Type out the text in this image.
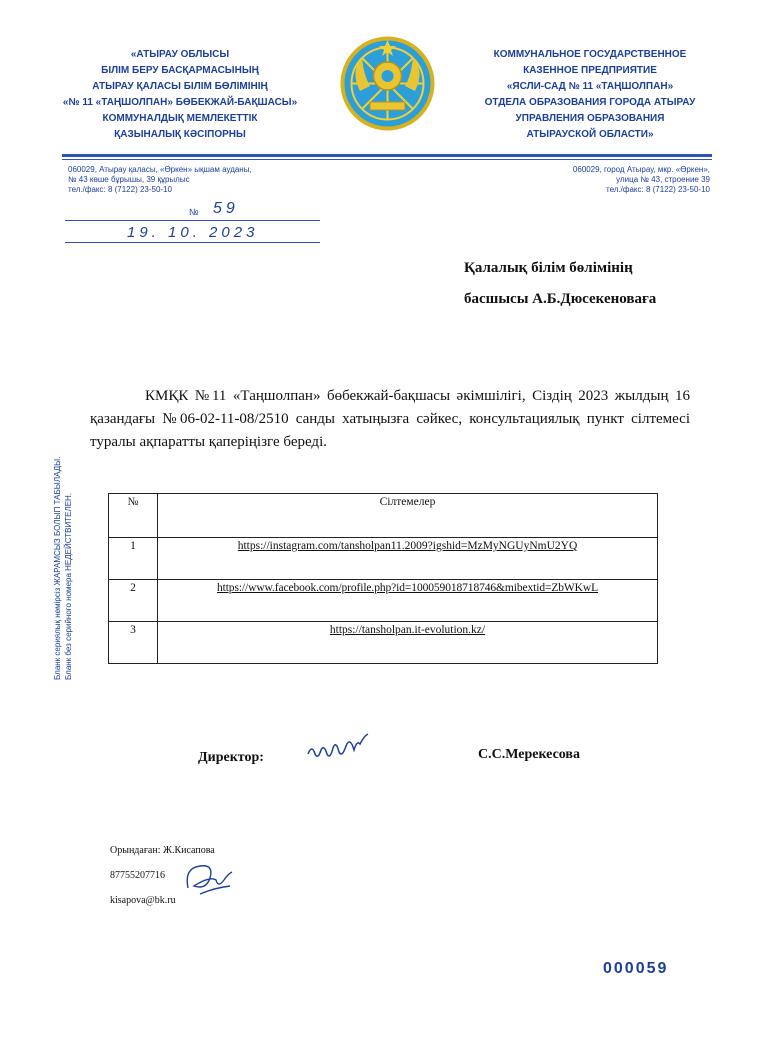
«АТЫРАУ ОБЛЫСЫ
БІЛІМ БЕРУ БАСҚАРМАСЫНЫҢ
АТЫРАУ ҚАЛАСЫ БІЛІМ БӨЛІМІНІҢ
«№ 11 «ТАҢШОЛПАН» БӨБЕКЖАЙ-БАҚШАСЫ»
КОММУНАЛДЫҚ МЕМЛЕКЕТТІК
ҚАЗЫНАЛЫҚ КӘСІПОРНЫ
КОММУНАЛЬНОЕ ГОСУДАРСТВЕННОЕ
КАЗЕННОЕ ПРЕДПРИЯТИЕ
«ЯСЛИ-САД № 11 «ТАҢШОЛПАН»
ОТДЕЛА ОБРАЗОВАНИЯ ГОРОДА АТЫРАУ
УПРАВЛЕНИЯ ОБРАЗОВАНИЯ
АТЫРАУСКОЙ ОБЛАСТИ»
060029, Атырау қаласы, «Өркен» ықшам ауданы,
№ 43 көше бұрышы, 39 құрылыс
тел./факс: 8 (7122) 23-50-10
060029, город Атырау, мкр. «Өркен»,
улица № 43, строение 39
тел./факс: 8 (7122) 23-50-10
№ 59
19. 10. 2023
Қалалық білім бөлімінің
басшысы А.Б.Дюсекеноваға
КМҚК №11 «Таңшолпан» бөбекжай-бақшасы әкімшілігі, Сіздің 2023 жылдың 16 қазандағы №06-02-11-08/2510 санды хатыңызға сәйкес, консультациялық пункт сілтемесі туралы ақпаратты қаперіңізге береді.
№	Сілтемелер
1	https://instagram.com/tansholpan11.2009?igshid=MzMyNGUyNmU2YQ
2	https://www.facebook.com/profile.php?id=100059018718746&mibextid=ZbWKwL
3	https://tansholpan.it-evolution.kz/
Директор:	С.С.Мерекесова
Орындаған: Ж.Кисапова
87755207716
kisapova@bk.ru
Бланк сериялық нөмірсіз ЖАРАМСЫЗ БОЛЫП ТАБЫЛАДЫ. Бланк без серийного номера НЕДЕЙСТВИТЕЛЕН.
000059
